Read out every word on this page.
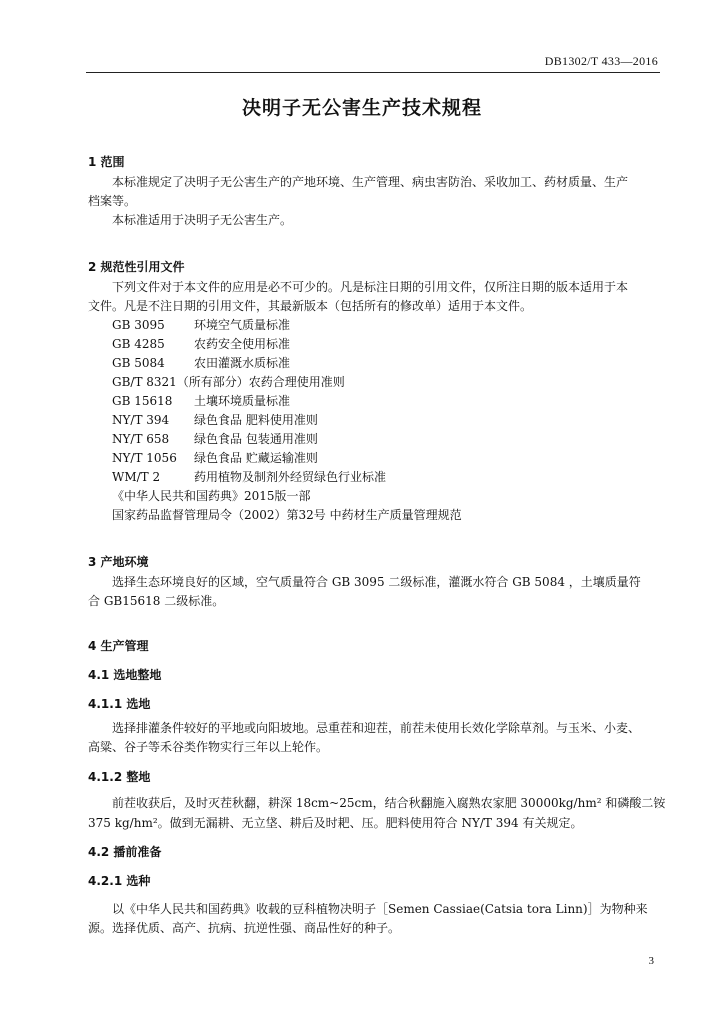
DB1302/T 433—2016
决明子无公害生产技术规程
1 范围
本标准规定了决明子无公害生产的产地环境、生产管理、病虫害防治、采收加工、药材质量、生产
档案等。
本标准适用于决明子无公害生产。
2 规范性引用文件
下列文件对于本文件的应用是必不可少的。凡是标注日期的引用文件，仅所注日期的版本适用于本
文件。凡是不注日期的引用文件，其最新版本（包括所有的修改单）适用于本文件。
GB 3095 环境空气质量标准
GB 4285 农药安全使用标准
GB 5084 农田灌溉水质标准
GB/T 8321（所有部分）农药合理使用准则
GB 15618 土壤环境质量标准
NY/T 394 绿色食品 肥料使用准则
NY/T 658 绿色食品 包装通用准则
NY/T 1056 绿色食品 贮藏运输准则
WM/T 2	药用植物及制剂外经贸绿色行业标准
《中华人民共和国药典》2015版一部
国家药品监督管理局令（2002）第32号 中药材生产质量管理规范
3 产地环境
选择生态环境良好的区域，空气质量符合 GB 3095 二级标准，灌溉水符合 GB 5084 ，土壤质量符
合 GB15618 二级标准。
4 生产管理
4.1 选地整地
4.1.1 选地
选择排灌条件较好的平地或向阳坡地。忌重茬和迎茬，前茬未使用长效化学除草剂。与玉米、小麦、
高粱、谷子等禾谷类作物实行三年以上轮作。
4.1.2 整地
前茬收获后，及时灭茬秋翻，耕深 18cm~25cm，结合秋翻施入腐熟农家肥 30000kg/hm² 和磷酸二铵
375 kg/hm²。做到无漏耕、无立垡、耕后及时耙、压。肥料使用符合 NY/T 394 有关规定。
4.2 播前准备
4.2.1 选种
以《中华人民共和国药典》收载的豆科植物决明子［Semen Cassiae(Catsia tora Linn)］为物种来
源。选择优质、高产、抗病、抗逆性强、商品性好的种子。
3
